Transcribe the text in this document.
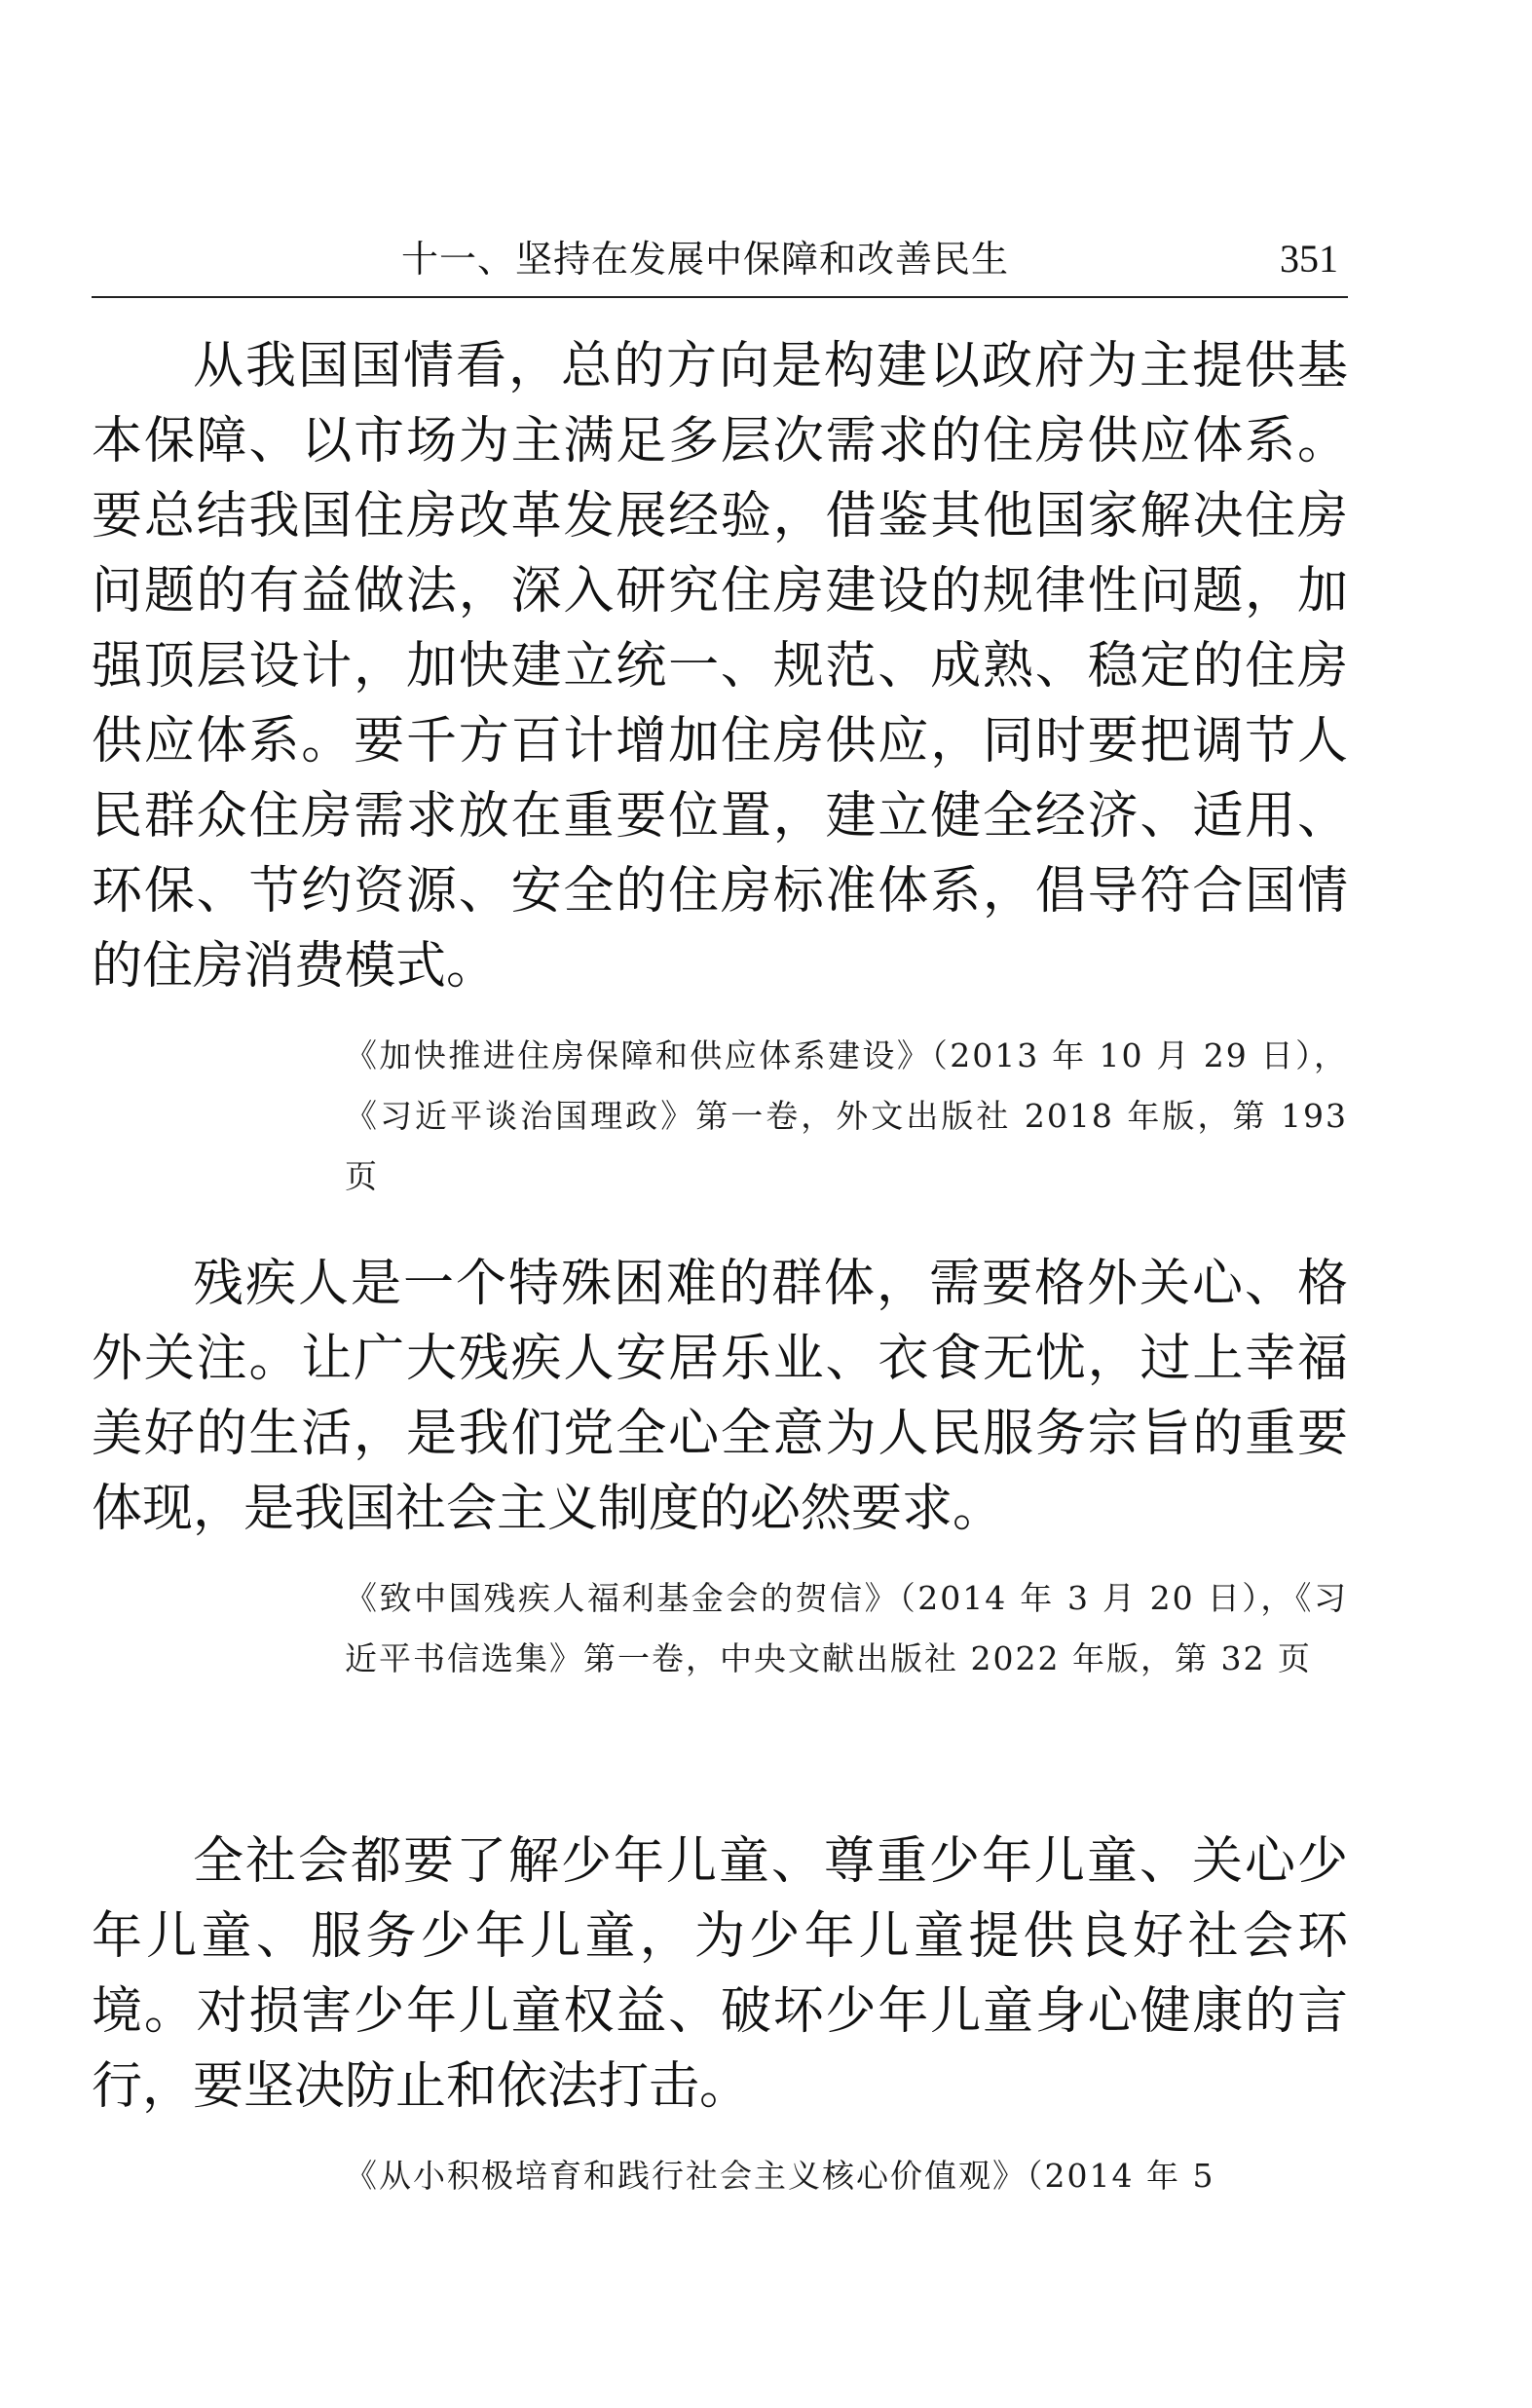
十一、坚持在发展中保障和改善民生	351

从我国国情看，总的方向是构建以政府为主提供基本保障、以市场为主满足多层次需求的住房供应体系。要总结我国住房改革发展经验，借鉴其他国家解决住房问题的有益做法，深入研究住房建设的规律性问题，加强顶层设计，加快建立统一、规范、成熟、稳定的住房供应体系。要千方百计增加住房供应，同时要把调节人民群众住房需求放在重要位置，建立健全经济、适用、环保、节约资源、安全的住房标准体系，倡导符合国情的住房消费模式。

《加快推进住房保障和供应体系建设》（2013 年 10 月 29 日），《习近平谈治国理政》第一卷，外文出版社 2018 年版，第 193 页

残疾人是一个特殊困难的群体，需要格外关心、格外关注。让广大残疾人安居乐业、衣食无忧，过上幸福美好的生活，是我们党全心全意为人民服务宗旨的重要体现，是我国社会主义制度的必然要求。

《致中国残疾人福利基金会的贺信》（2014 年 3 月 20 日），《习近平书信选集》第一卷，中央文献出版社 2022 年版，第 32 页

全社会都要了解少年儿童、尊重少年儿童、关心少年儿童、服务少年儿童，为少年儿童提供良好社会环境。对损害少年儿童权益、破坏少年儿童身心健康的言行，要坚决防止和依法打击。

《从小积极培育和践行社会主义核心价值观》（2014 年 5
